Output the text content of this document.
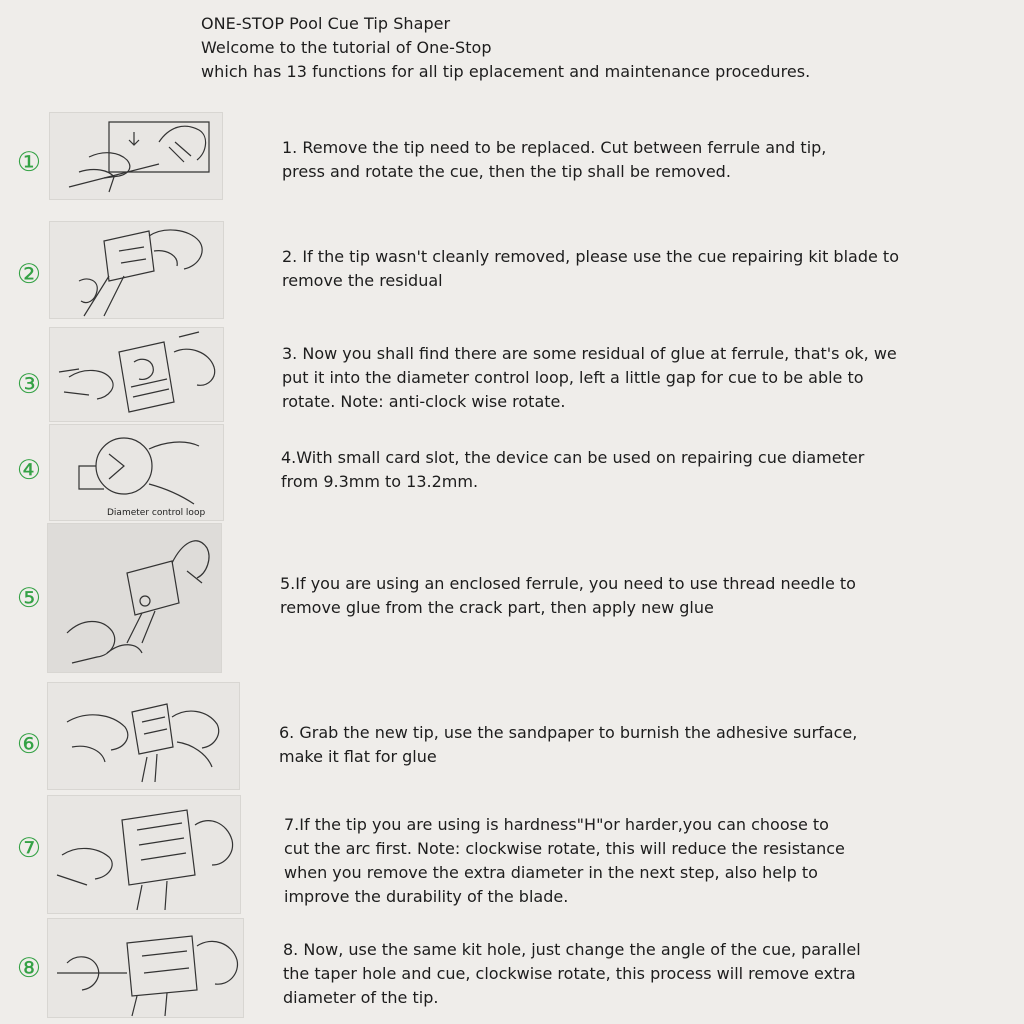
ONE-STOP Pool Cue Tip Shaper
Welcome to the tutorial of One-Stop
which has 13 functions for all tip eplacement and maintenance procedures.
①	1. Remove the tip need to be replaced. Cut between ferrule and tip,
press and rotate the cue, then the tip shall be removed.
②
2. If the tip wasn't cleanly removed, please use the cue repairing kit blade to
remove the residual
③
3. Now you shall find there are some residual of glue at ferrule, that's ok, we
put it into the diameter control loop, left a little gap for cue to be able to
rotate. Note: anti-clock wise rotate.
④
Diameter control loop
4.With small card slot, the device can be used on repairing cue diameter
from 9.3mm to 13.2mm.
⑤	5.If you are using an enclosed ferrule, you need to use thread needle to
remove glue from the crack part, then apply new glue
⑥	6. Grab the new tip, use the sandpaper to burnish the adhesive surface,
make it flat for glue
⑦
7.If the tip you are using is hardness"H"or harder,you can choose to
cut the arc first. Note: clockwise rotate, this will reduce the resistance
when you remove the extra diameter in the next step, also help to
improve the durability of the blade.
⑧
8. Now, use the same kit hole, just change the angle of the cue, parallel
the taper hole and cue, clockwise rotate, this process will remove extra
diameter of the tip.
